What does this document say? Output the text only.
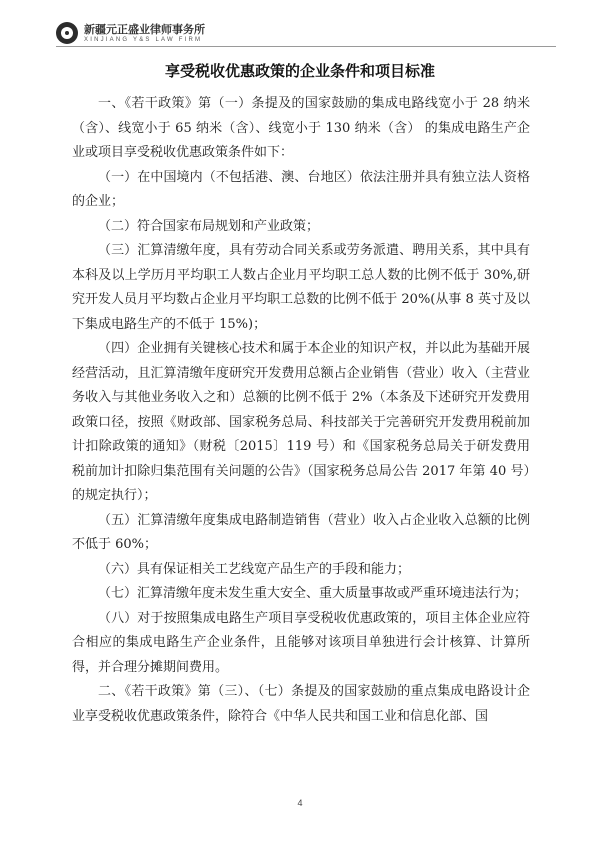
新疆元正盛业律师事务所
XINJIANG Y&S LAW FIRM
享受税收优惠政策的企业条件和项目标准

一、《若干政策》第（一）条提及的国家鼓励的集成电路线宽小于 28 纳米（含）、线宽小于 65 纳米（含）、线宽小于 130 纳米（含） 的集成电路生产企业或项目享受税收优惠政策条件如下：

（一）在中国境内（不包括港、澳、台地区）依法注册并具有独立法人资格的企业；

（二）符合国家布局规划和产业政策；

（三）汇算清缴年度，具有劳动合同关系或劳务派遣、聘用关系，其中具有本科及以上学历月平均职工人数占企业月平均职工总人数的比例不低于 30%,研究开发人员月平均数占企业月平均职工总数的比例不低于 20%(从事 8 英寸及以下集成电路生产的不低于 15%)；

（四）企业拥有关键核心技术和属于本企业的知识产权，并以此为基础开展经营活动，且汇算清缴年度研究开发费用总额占企业销售（营业）收入（主营业务收入与其他业务收入之和）总额的比例不低于 2%（本条及下述研究开发费用政策口径，按照《财政部、国家税务总局、科技部关于完善研究开发费用税前加计扣除政策的通知》（财税〔2015〕119 号）和《国家税务总局关于研发费用税前加计扣除归集范围有关问题的公告》（国家税务总局公告 2017 年第 40 号）的规定执行）；

（五）汇算清缴年度集成电路制造销售（营业）收入占企业收入总额的比例不低于 60%；

（六）具有保证相关工艺线宽产品生产的手段和能力；

（七）汇算清缴年度未发生重大安全、重大质量事故或严重环境违法行为；

（八）对于按照集成电路生产项目享受税收优惠政策的，项目主体企业应符合相应的集成电路生产企业条件，且能够对该项目单独进行会计核算、计算所得，并合理分摊期间费用。

二、《若干政策》第（三）、（七）条提及的国家鼓励的重点集成电路设计企业享受税收优惠政策条件，除符合《中华人民共和国工业和信息化部、国

4
